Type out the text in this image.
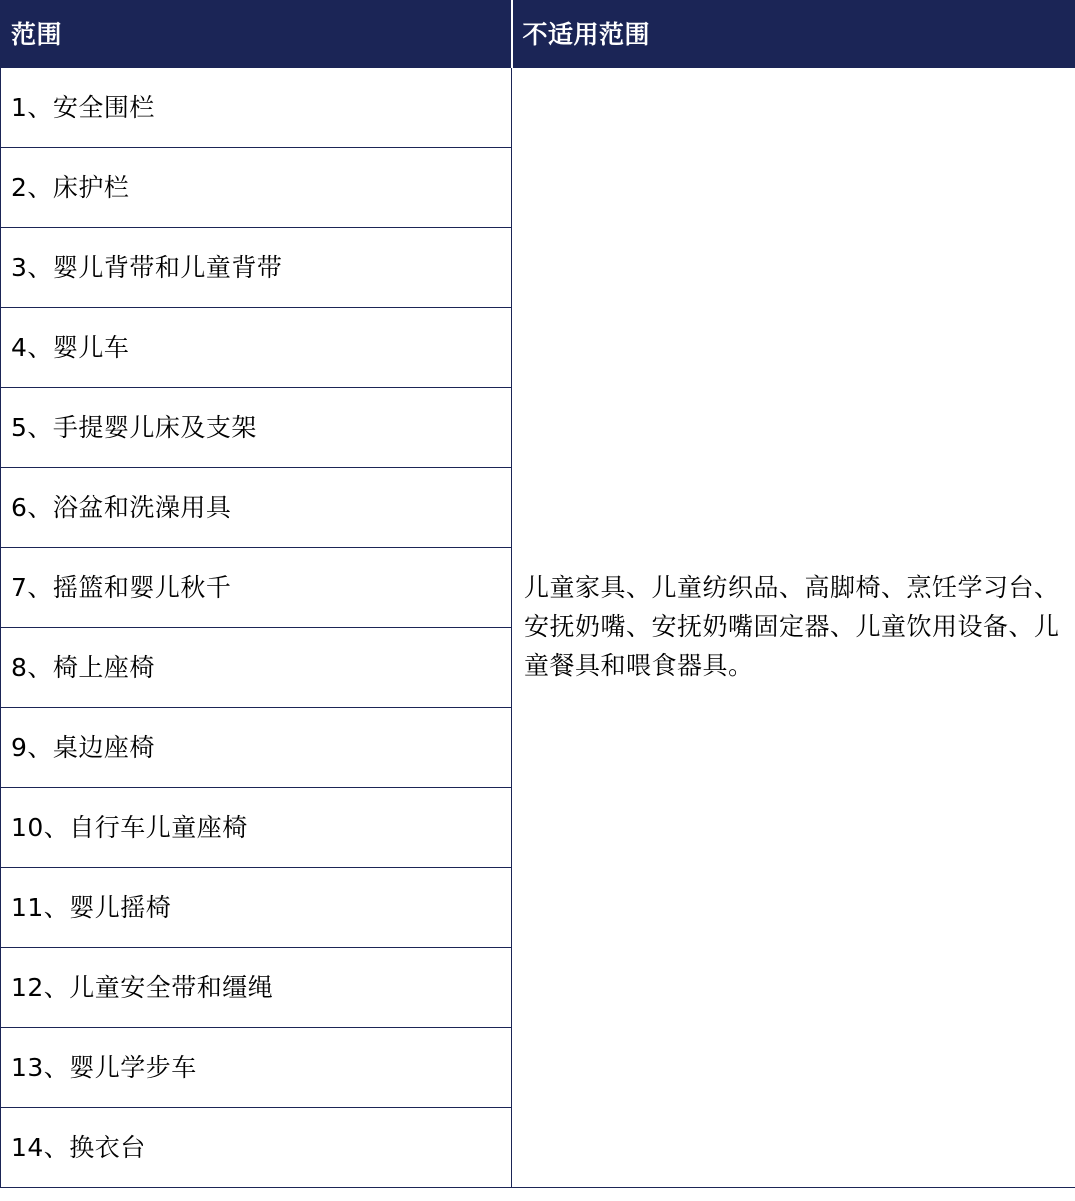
范围	不适用范围
1、安全围栏	儿童家具、儿童纺织品、高脚椅、烹饪学习台、安抚奶嘴、安抚奶嘴固定器、儿童饮用设备、儿童餐具和喂食器具。
2、床护栏	
3、婴儿背带和儿童背带	
4、婴儿车	
5、手提婴儿床及支架	
6、浴盆和洗澡用具	
7、摇篮和婴儿秋千	
8、椅上座椅	
9、桌边座椅	
10、自行车儿童座椅	
11、婴儿摇椅	
12、儿童安全带和缰绳	
13、婴儿学步车	
14、换衣台	
